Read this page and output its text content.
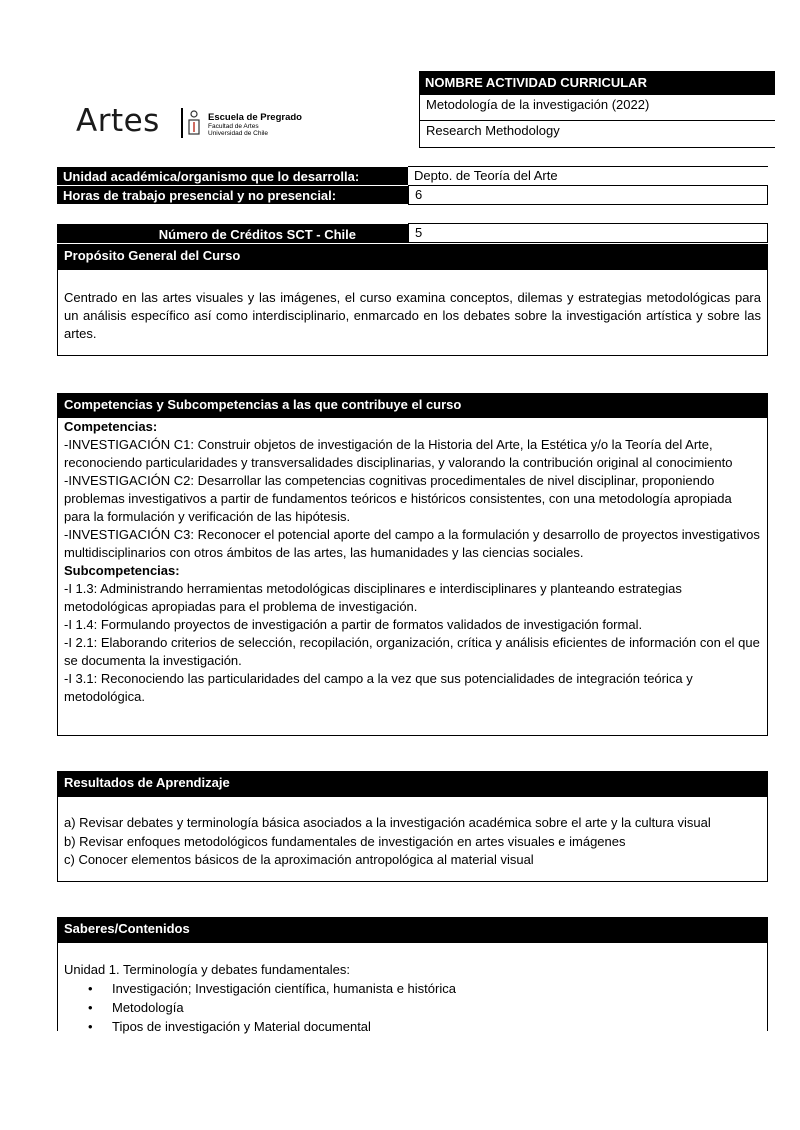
Artes	Escuela de Pregrado
Facultad de Artes
Universidad de Chile
NOMBRE ACTIVIDAD CURRICULAR
Metodología de la investigación (2022)
Research Methodology
Unidad académica/organismo que lo desarrolla:	Depto. de Teoría del Arte
Horas de trabajo presencial y no presencial:	6
Número de Créditos SCT - Chile	5
Propósito General del Curso

Centrado en las artes visuales y las imágenes, el curso examina conceptos, dilemas y estrategias metodológicas para un análisis específico así como interdisciplinario, enmarcado en los debates sobre la investigación artística y sobre las artes.

Competencias y Subcompetencias a las que contribuye el curso
Competencias:
-INVESTIGACIÓN C1: Construir objetos de investigación de la Historia del Arte, la Estética y/o la Teoría del Arte, reconociendo particularidades y transversalidades disciplinarias, y valorando la contribución original al conocimiento
-INVESTIGACIÓN C2: Desarrollar las competencias cognitivas procedimentales de nivel disciplinar, proponiendo problemas investigativos a partir de fundamentos teóricos e históricos consistentes, con una metodología apropiada para la formulación y verificación de las hipótesis.
-INVESTIGACIÓN C3: Reconocer el potencial aporte del campo a la formulación y desarrollo de proyectos investigativos multidisciplinarios con otros ámbitos de las artes, las humanidades y las ciencias sociales.
Subcompetencias:
-I 1.3: Administrando herramientas metodológicas disciplinares e interdisciplinares y planteando estrategias metodológicas apropiadas para el problema de investigación.
-I 1.4: Formulando proyectos de investigación a partir de formatos validados de investigación formal.
-I 2.1: Elaborando criterios de selección, recopilación, organización, crítica y análisis eficientes de información con el que se documenta la investigación.
-I 3.1: Reconociendo las particularidades del campo a la vez que sus potencialidades de integración teórica y metodológica.
Resultados de Aprendizaje
a) Revisar debates y terminología básica asociados a la investigación académica sobre el arte y la cultura visual
b) Revisar enfoques metodológicos fundamentales de investigación en artes visuales e imágenes
c) Conocer elementos básicos de la aproximación antropológica al material visual
Saberes/Contenidos
Unidad 1. Terminología y debates fundamentales:
• Investigación; Investigación científica, humanista e histórica
• Metodología
• Tipos de investigación y Material documental
